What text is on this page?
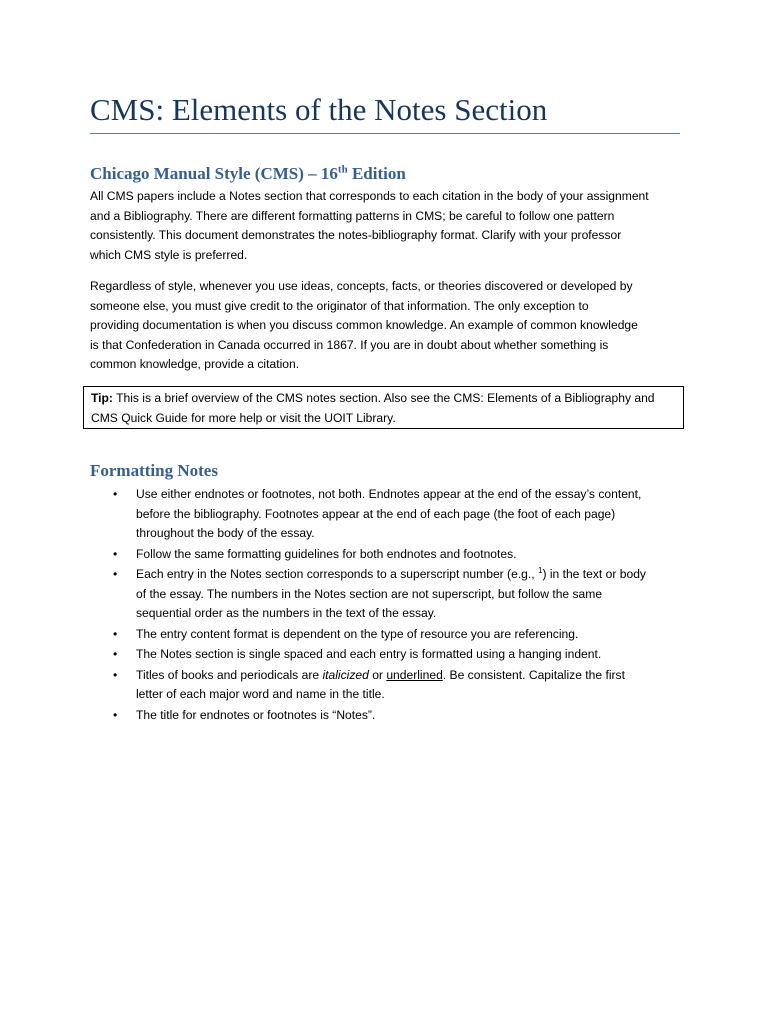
CMS: Elements of the Notes Section
Chicago Manual Style (CMS) – 16th Edition
All CMS papers include a Notes section that corresponds to each citation in the body of your assignment
and a Bibliography. There are different formatting patterns in CMS; be careful to follow one pattern
consistently. This document demonstrates the notes-bibliography format. Clarify with your professor
which CMS style is preferred.
Regardless of style, whenever you use ideas, concepts, facts, or theories discovered or developed by
someone else, you must give credit to the originator of that information. The only exception to
providing documentation is when you discuss common knowledge. An example of common knowledge
is that Confederation in Canada occurred in 1867. If you are in doubt about whether something is
common knowledge, provide a citation.
Tip: This is a brief overview of the CMS notes section. Also see the CMS: Elements of a Bibliography and
CMS Quick Guide for more help or visit the UOIT Library.
Formatting Notes
• Use either endnotes or footnotes, not both. Endnotes appear at the end of the essay’s content,
before the bibliography. Footnotes appear at the end of each page (the foot of each page)
throughout the body of the essay.
• Follow the same formatting guidelines for both endnotes and footnotes.
• Each entry in the Notes section corresponds to a superscript number (e.g., $^1$) in the text or body
of the essay. The numbers in the Notes section are not superscript, but follow the same
sequential order as the numbers in the text of the essay.
• The entry content format is dependent on the type of resource you are referencing.
• The Notes section is single spaced and each entry is formatted using a hanging indent.
• Titles of books and periodicals are italicized or underlined. Be consistent. Capitalize the first
letter of each major word and name in the title.
• The title for endnotes or footnotes is “Notes”.
